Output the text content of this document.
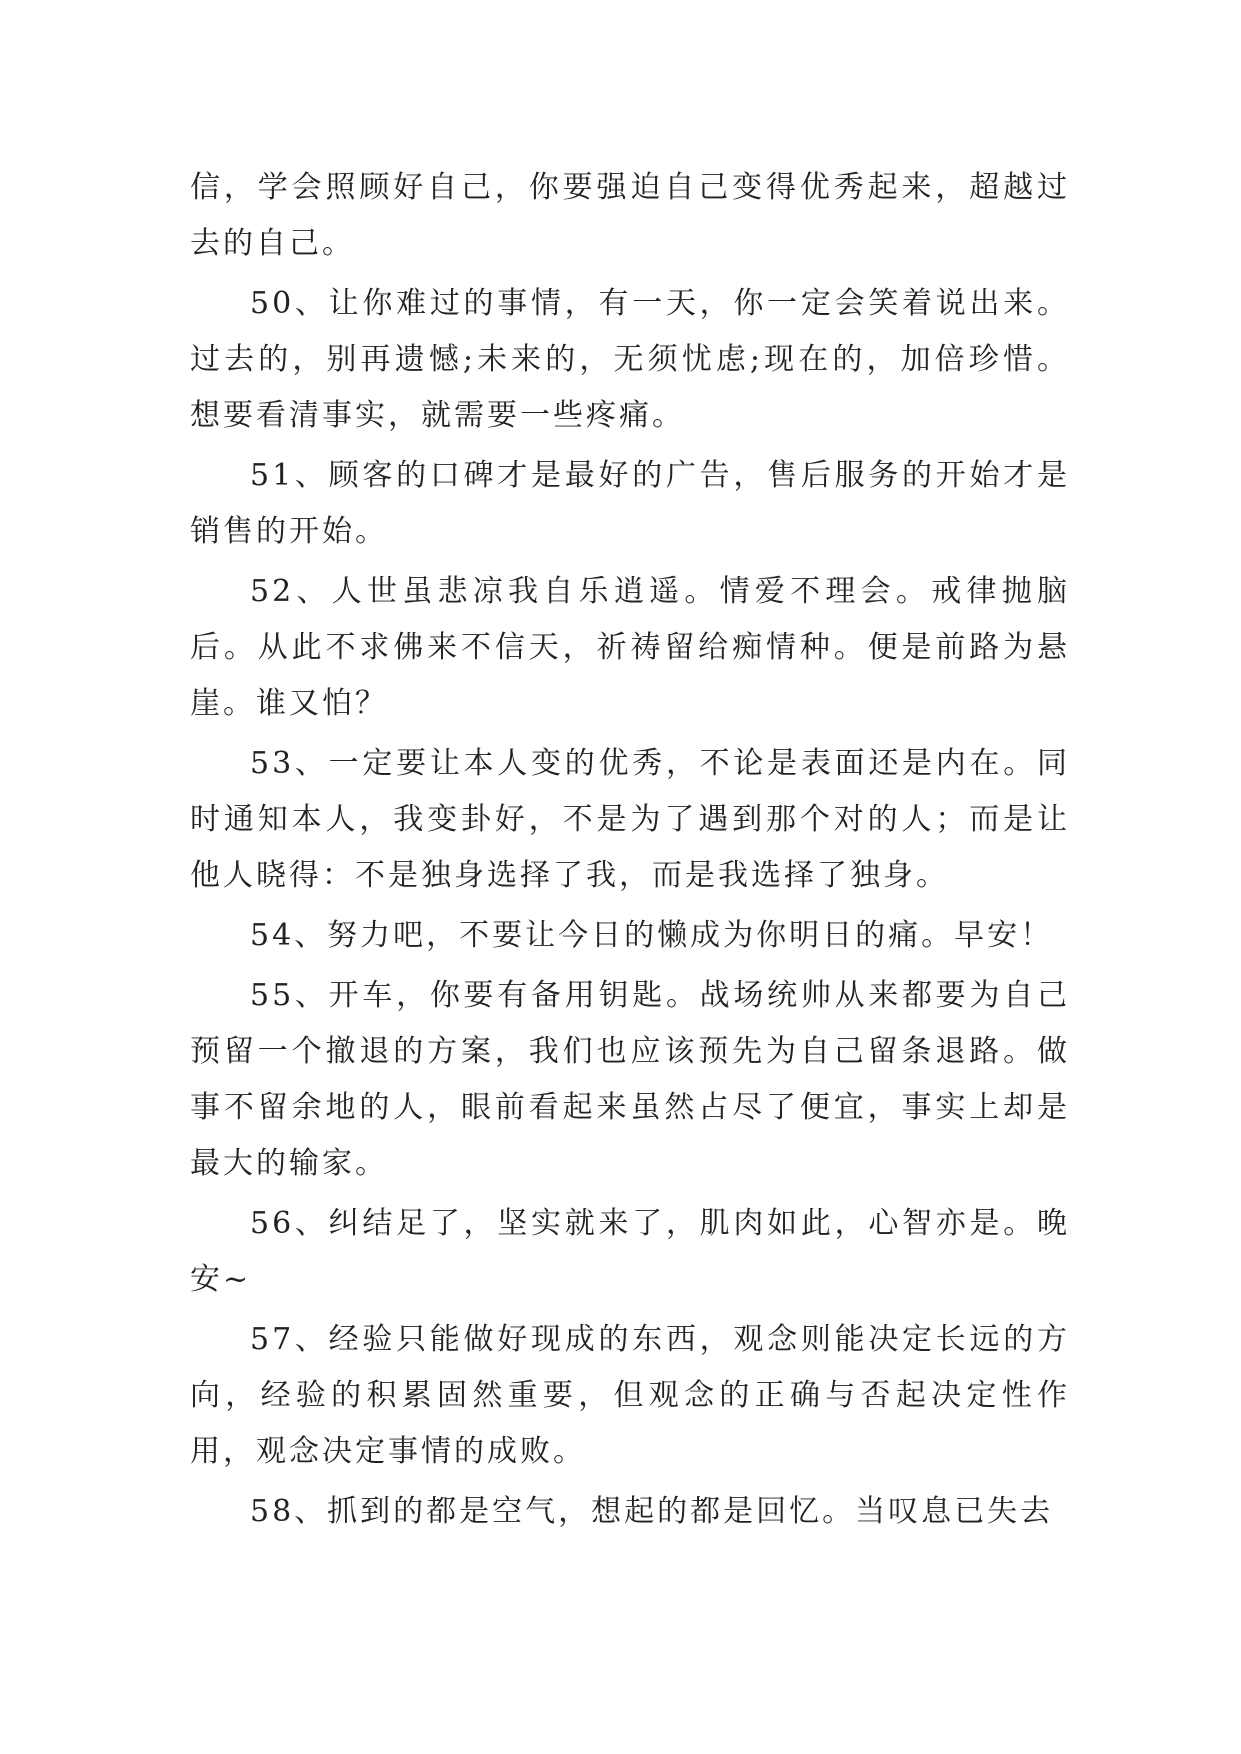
信，学会照顾好自己，你要强迫自己变得优秀起来，超越过去的自己。

50、让你难过的事情，有一天，你一定会笑着说出来。过去的，别再遗憾;未来的，无须忧虑;现在的，加倍珍惜。想要看清事实，就需要一些疼痛。

51、顾客的口碑才是最好的广告，售后服务的开始才是销售的开始。

52、人世虽悲凉我自乐逍遥。情爱不理会。戒律抛脑后。从此不求佛来不信天，祈祷留给痴情种。便是前路为悬崖。谁又怕？

53、一定要让本人变的优秀，不论是表面还是内在。同时通知本人，我变卦好，不是为了遇到那个对的人；而是让他人晓得：不是独身选择了我，而是我选择了独身。

54、努力吧，不要让今日的懒成为你明日的痛。早安！

55、开车，你要有备用钥匙。战场统帅从来都要为自己预留一个撤退的方案，我们也应该预先为自己留条退路。做事不留余地的人，眼前看起来虽然占尽了便宜，事实上却是最大的输家。

56、纠结足了，坚实就来了，肌肉如此，心智亦是。晚安~

57、经验只能做好现成的东西，观念则能决定长远的方向，经验的积累固然重要，但观念的正确与否起决定性作用，观念决定事情的成败。

58、抓到的都是空气，想起的都是回忆。当叹息已失去
